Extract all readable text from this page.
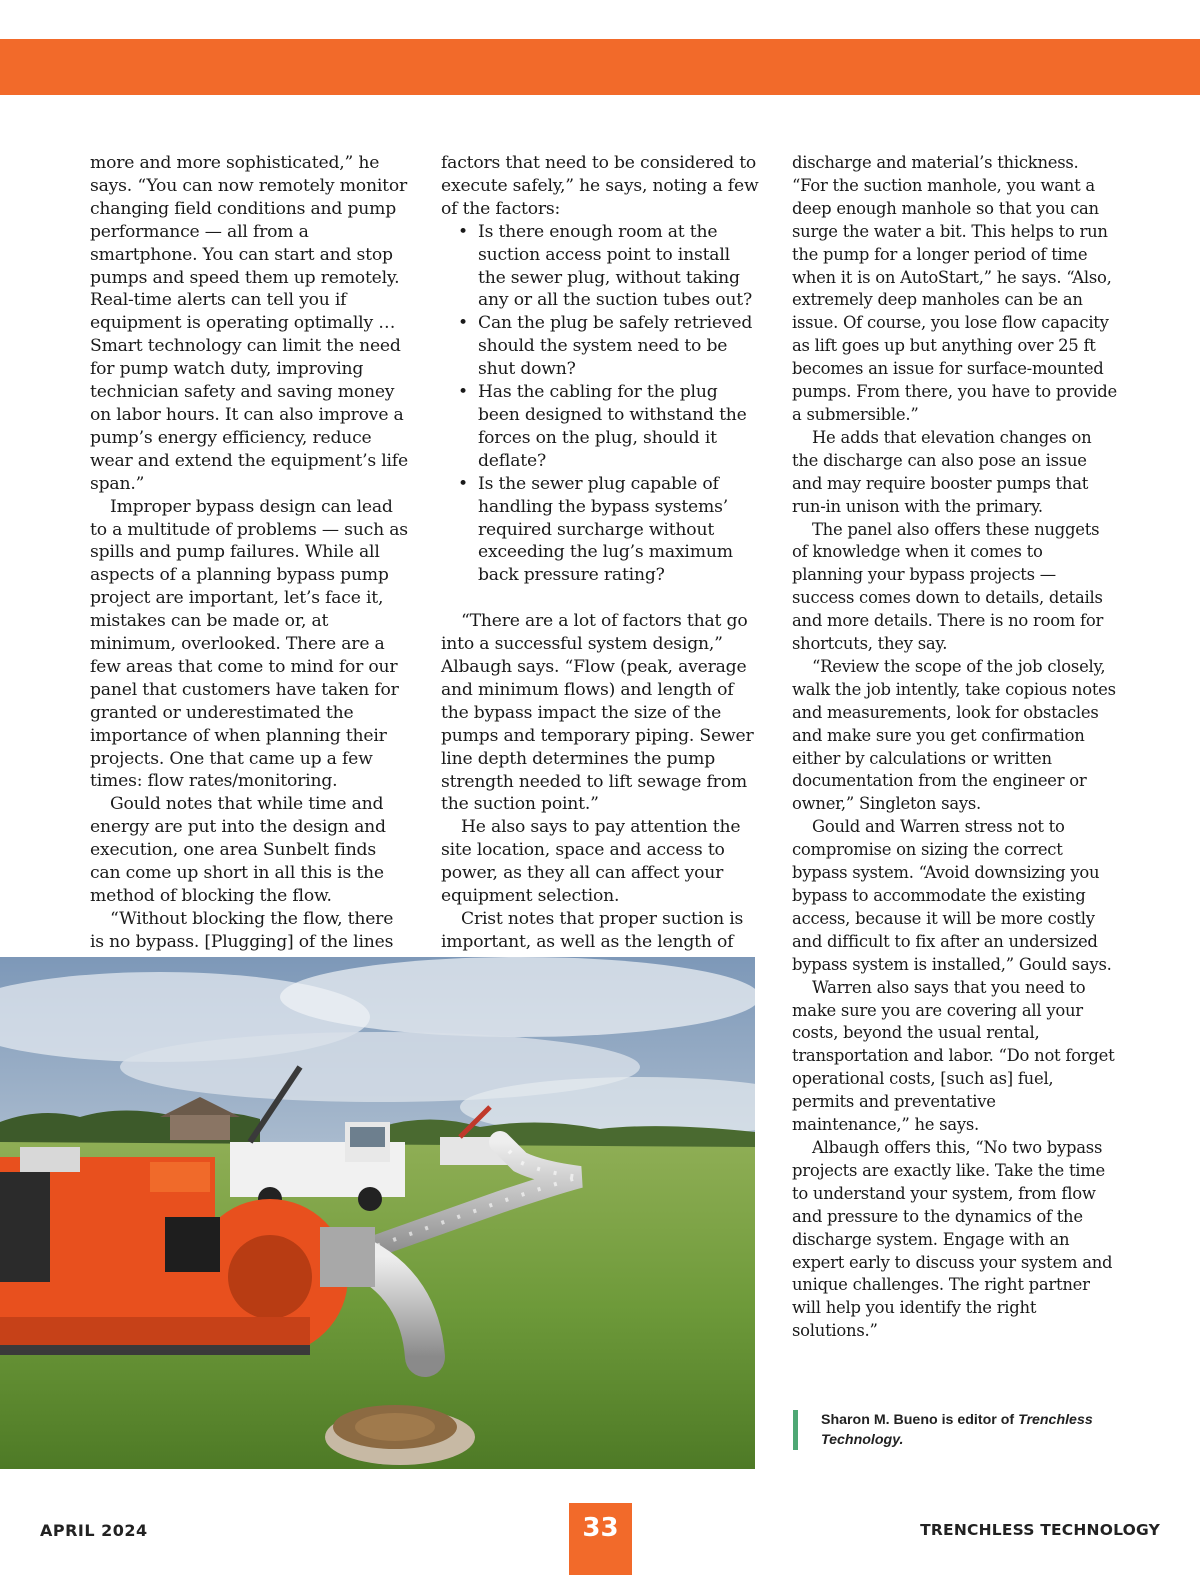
more and more sophisticated,” he says. “You can now remotely monitor changing field conditions and pump performance — all from a smartphone. You can start and stop pumps and speed them up remotely. Real-time alerts can tell you if equipment is operating optimally … Smart technology can limit the need for pump watch duty, improving technician safety and saving money on labor hours. It can also improve a pump’s energy efficiency, reduce wear and extend the equipment’s life span.”

Improper bypass design can lead to a multitude of problems — such as spills and pump failures. While all aspects of a planning bypass pump project are important, let’s face it, mistakes can be made or, at minimum, overlooked. There are a few areas that come to mind for our panel that customers have taken for granted or underestimated the importance of when planning their projects. One that came up a few times: flow rates/monitoring.

Gould notes that while time and energy are put into the design and execution, one area Sunbelt finds can come up short in all this is the method of blocking the flow.

“Without blocking the flow, there is no bypass. [Plugging] of the lines

factors that need to be considered to execute safely,” he says, noting a few of the factors:

• Is there enough room at the suction access point to install the sewer plug, without taking any or all the suction tubes out?
• Can the plug be safely retrieved should the system need to be shut down?
• Has the cabling for the plug been designed to withstand the forces on the plug, should it deflate?
• Is the sewer plug capable of handling the bypass systems’ required surcharge without exceeding the lug’s maximum back pressure rating?

“There are a lot of factors that go into a successful system design,” Albaugh says. “Flow (peak, average and minimum flows) and length of the bypass impact the size of the pumps and temporary piping. Sewer line depth determines the pump strength needed to lift sewage from the suction point.”

He also says to pay attention the site location, space and access to power, as they all can affect your equipment selection.

Crist notes that proper suction is important, as well as the length of

discharge and material’s thickness. “For the suction manhole, you want a deep enough manhole so that you can surge the water a bit. This helps to run the pump for a longer period of time when it is on AutoStart,” he says. “Also, extremely deep manholes can be an issue. Of course, you lose flow capacity as lift goes up but anything over 25 ft becomes an issue for surface-mounted pumps. From there, you have to provide a submersible.”

He adds that elevation changes on the discharge can also pose an issue and may require booster pumps that run-in unison with the primary.

The panel also offers these nuggets of knowledge when it comes to planning your bypass projects — success comes down to details, details and more details. There is no room for shortcuts, they say.

“Review the scope of the job closely, walk the job intently, take copious notes and measurements, look for obstacles and make sure you get confirmation either by calculations or written documentation from the engineer or owner,” Singleton says.

Gould and Warren stress not to compromise on sizing the correct bypass system. “Avoid downsizing you bypass to accommodate the existing access, because it will be more costly and difficult to fix after an undersized bypass system is installed,” Gould says.

Warren also says that you need to make sure you are covering all your costs, beyond the usual rental, transportation and labor. “Do not forget operational costs, [such as] fuel, permits and preventative maintenance,” he says.

Albaugh offers this, “No two bypass projects are exactly like. Take the time to understand your system, from flow and pressure to the dynamics of the discharge system. Engage with an expert early to discuss your system and unique challenges. The right partner will help you identify the right solutions.”

Sharon M. Bueno is editor of Trenchless Technology.
APRIL 2024	33	TRENCHLESS TECHNOLOGY
